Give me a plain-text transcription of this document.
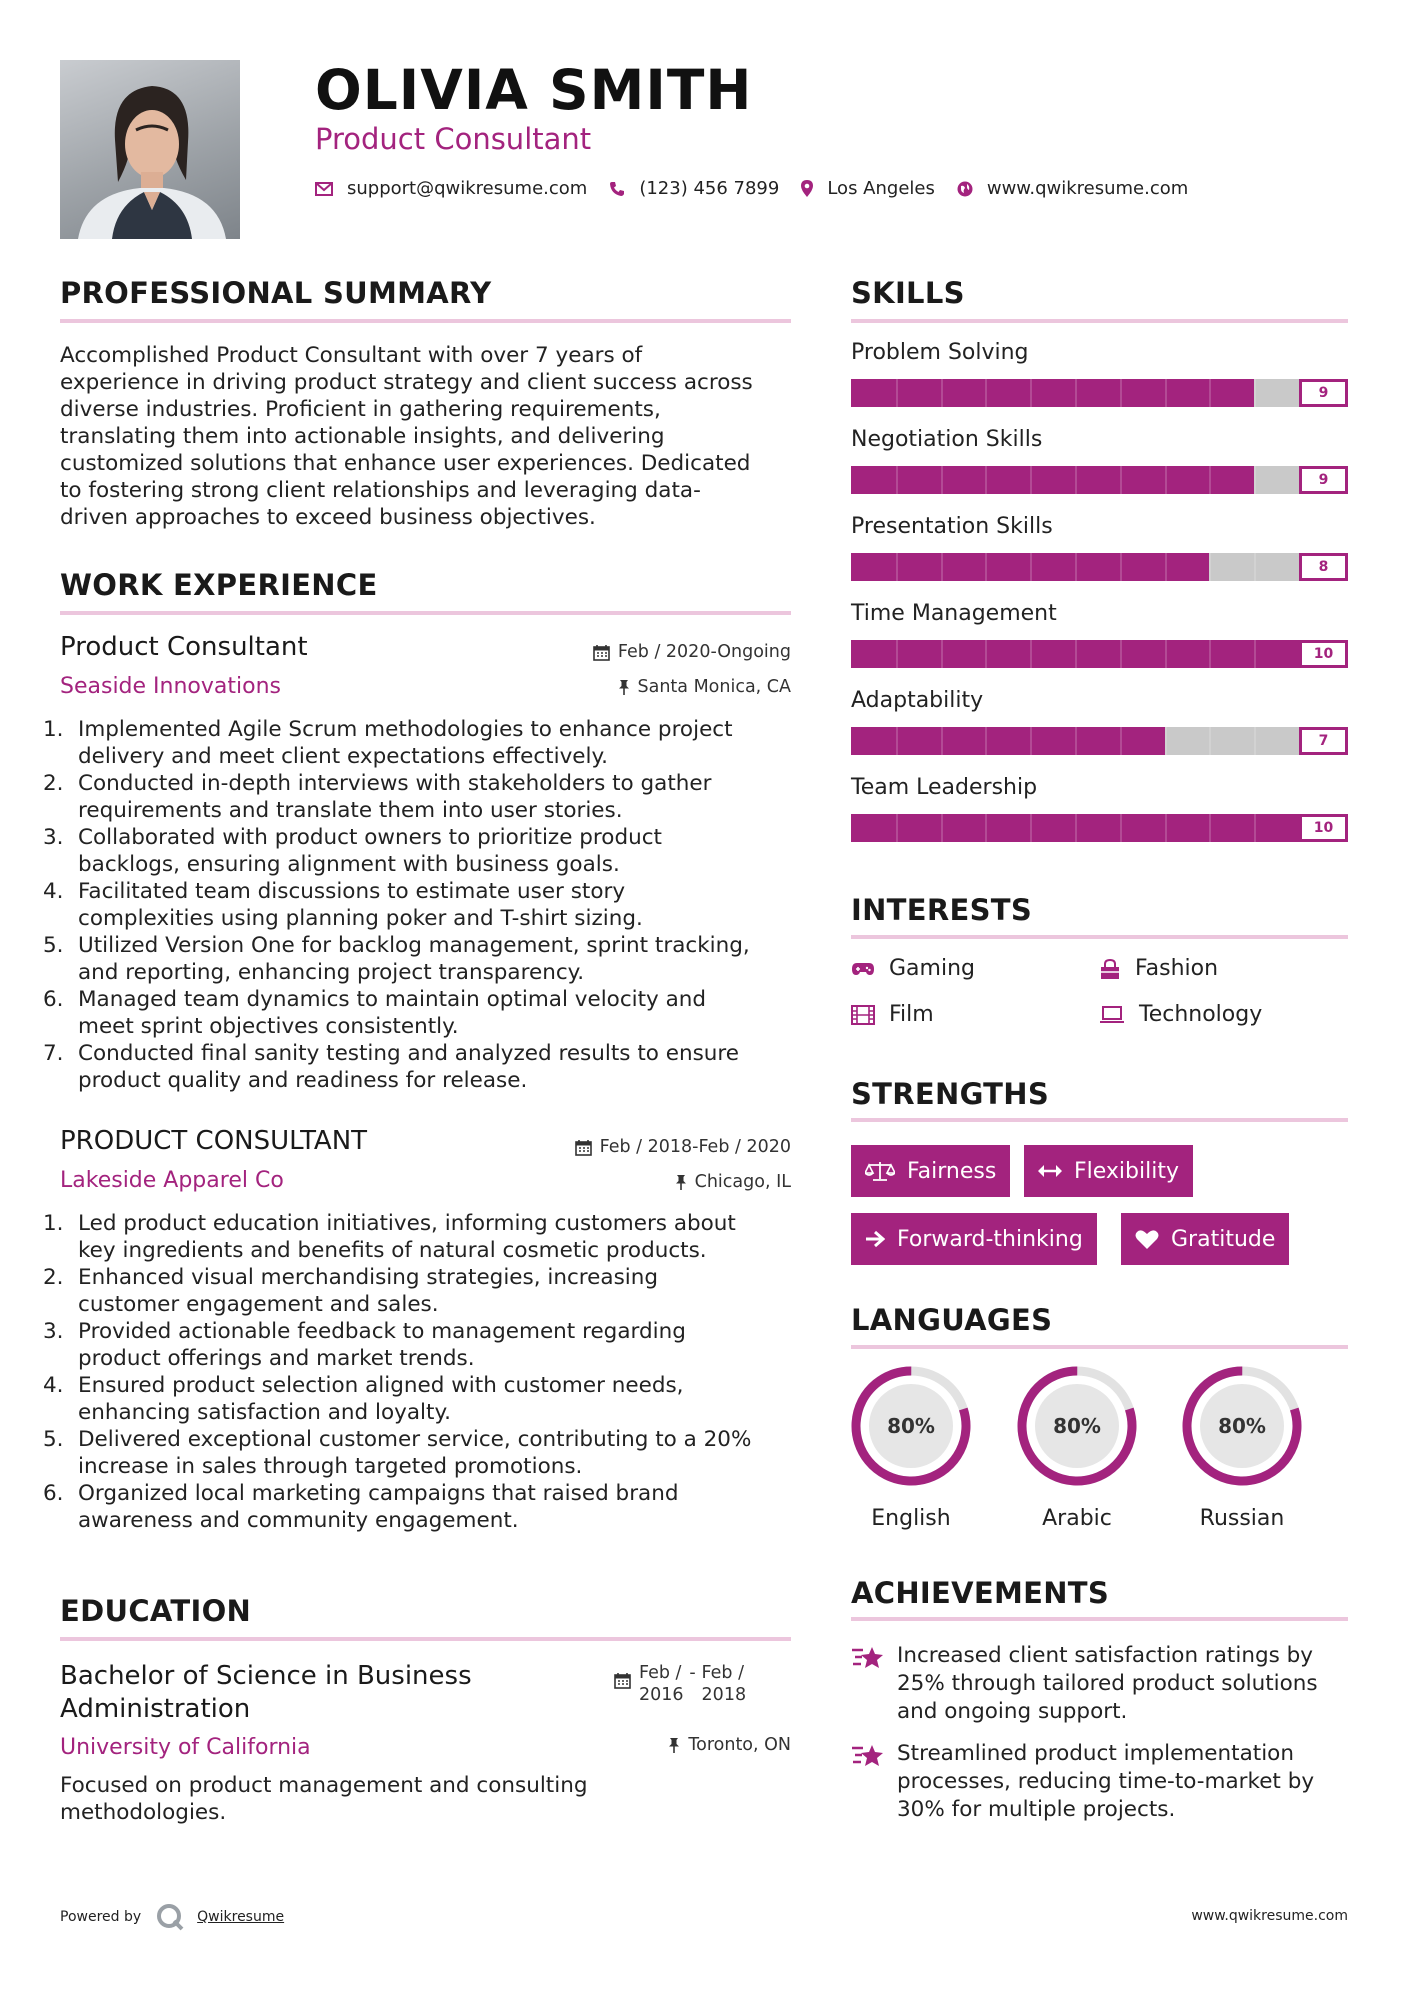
OLIVIA SMITH
Product Consultant
support@qwikresume.com	(123) 456 7899	Los Angeles	www.qwikresume.com
PROFESSIONAL SUMMARY
Accomplished Product Consultant with over 7 years of
experience in driving product strategy and client success across
diverse industries. Proficient in gathering requirements,
translating them into actionable insights, and delivering
customized solutions that enhance user experiences. Dedicated
to fostering strong client relationships and leveraging data-
driven approaches to exceed business objectives.
WORK EXPERIENCE
Product Consultant	Feb / 2020-Ongoing
Seaside Innovations	Santa Monica, CA
1. Implemented Agile Scrum methodologies to enhance project
delivery and meet client expectations effectively.
2. Conducted in-depth interviews with stakeholders to gather
requirements and translate them into user stories.
3. Collaborated with product owners to prioritize product
backlogs, ensuring alignment with business goals.
4. Facilitated team discussions to estimate user story
complexities using planning poker and T-shirt sizing.
5. Utilized Version One for backlog management, sprint tracking,
and reporting, enhancing project transparency.
6. Managed team dynamics to maintain optimal velocity and
meet sprint objectives consistently.
7. Conducted final sanity testing and analyzed results to ensure
product quality and readiness for release.
PRODUCT CONSULTANT	Feb / 2018-Feb / 2020
Lakeside Apparel Co	Chicago, IL
1. Led product education initiatives, informing customers about
key ingredients and benefits of natural cosmetic products.
2. Enhanced visual merchandising strategies, increasing
customer engagement and sales.
3. Provided actionable feedback to management regarding
product offerings and market trends.
4. Ensured product selection aligned with customer needs,
enhancing satisfaction and loyalty.
5. Delivered exceptional customer service, contributing to a 20%
increase in sales through targeted promotions.
6. Organized local marketing campaigns that raised brand
awareness and community engagement.
EDUCATION
Bachelor of Science in Business
Administration
Feb /
2016
- Feb /
2018
University of California	Toronto, ON
Focused on product management and consulting
methodologies.
SKILLS
Problem Solving
9
Negotiation Skills
9
Presentation Skills
8
Time Management
10
Adaptability
7
Team Leadership
10
INTERESTS
Gaming	Fashion
Film	Technology
STRENGTHS
Fairness	Flexibility
Forward-thinking	Gratitude
LANGUAGES
80%
English
80%
Arabic
80%
Russian
ACHIEVEMENTS
Increased client satisfaction ratings by
25% through tailored product solutions
and ongoing support.
Streamlined product implementation
processes, reducing time-to-market by
30% for multiple projects.
Powered by	Qwikresume	www.qwikresume.com
